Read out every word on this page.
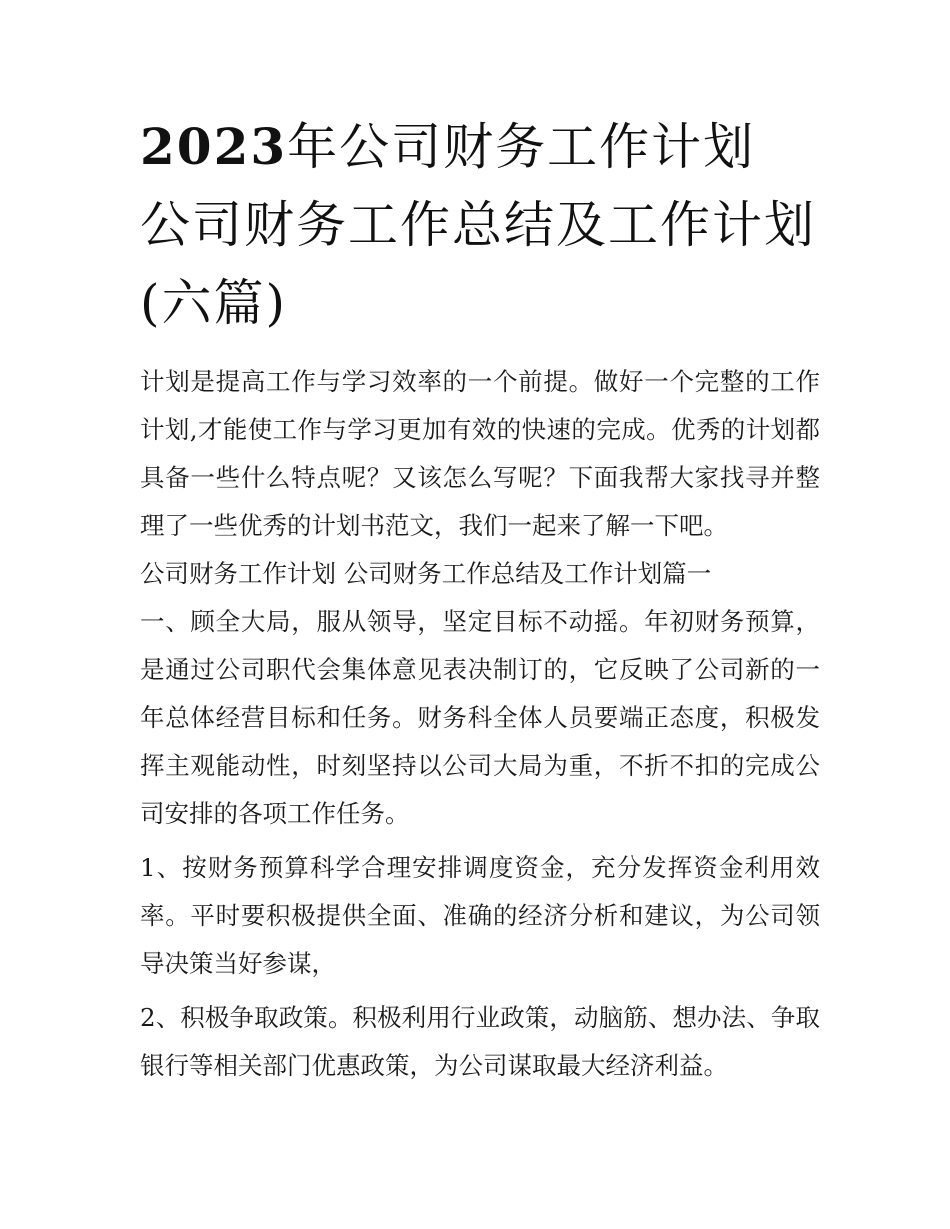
2023年公司财务工作计划 公司财务工作总结及工作计划(六篇)

计划是提高工作与学习效率的一个前提。做好一个完整的工作计划,才能使工作与学习更加有效的快速的完成。优秀的计划都具备一些什么特点呢？又该怎么写呢？下面我帮大家找寻并整理了一些优秀的计划书范文，我们一起来了解一下吧。

公司财务工作计划 公司财务工作总结及工作计划篇一

一、顾全大局，服从领导，坚定目标不动摇。年初财务预算，是通过公司职代会集体意见表决制订的，它反映了公司新的一年总体经营目标和任务。财务科全体人员要端正态度，积极发挥主观能动性，时刻坚持以公司大局为重，不折不扣的完成公司安排的各项工作任务。

1、按财务预算科学合理安排调度资金，充分发挥资金利用效率。平时要积极提供全面、准确的经济分析和建议，为公司领导决策当好参谋，

2、积极争取政策。积极利用行业政策，动脑筋、想办法、争取银行等相关部门优惠政策，为公司谋取最大经济利益。
